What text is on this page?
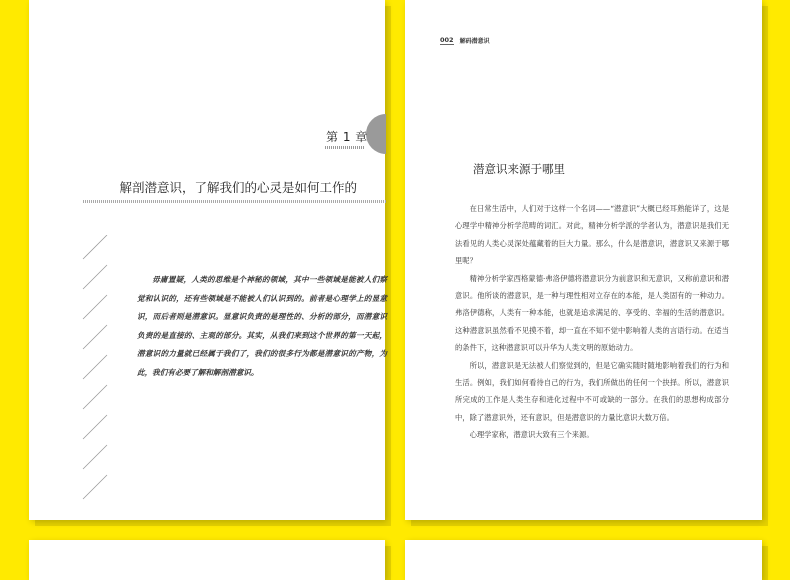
第 1 章
解剖潜意识，了解我们的心灵是如何工作的

毋庸置疑，人类的思维是个神秘的领域，其中一些领域是能被人们察觉和认识的，还有些领域是不能被人们认识到的。前者是心理学上的显意识，而后者则是潜意识。显意识负责的是理性的、分析的部分，而潜意识负责的是直接的、主观的部分。其实，从我们来到这个世界的第一天起，潜意识的力量就已经属于我们了，我们的很多行为都是潜意识的产物，为此，我们有必要了解和解剖潜意识。

002 解码潜意识
潜意识来源于哪里

在日常生活中，人们对于这样一个名词——“潜意识”大概已经耳熟能详了，这是心理学中精神分析学范畴的词汇。对此，精神分析学派的学者认为，潜意识是我们无法看见的人类心灵深处蕴藏着的巨大力量。那么，什么是潜意识，潜意识又来源于哪里呢？

精神分析学家西格蒙德·弗洛伊德将潜意识分为前意识和无意识，又称前意识和潜意识。他所谈的潜意识，是一种与理性相对立存在的本能，是人类固有的一种动力。弗洛伊德称，人类有一种本能，也就是追求满足的、享受的、幸福的生活的潜意识。这种潜意识虽然看不见摸不着，却一直在不知不觉中影响着人类的言语行动。在适当的条件下，这种潜意识可以升华为人类文明的原始动力。

所以，潜意识是无法被人们察觉到的，但是它确实随时随地影响着我们的行为和生活。例如，我们如何看待自己的行为，我们所做出的任何一个抉择。所以，潜意识所完成的工作是人类生存和进化过程中不可或缺的一部分。在我们的思想构成部分中，除了潜意识外，还有意识，但是潜意识的力量比意识大数万倍。

心理学家称，潜意识大致有三个来源。
